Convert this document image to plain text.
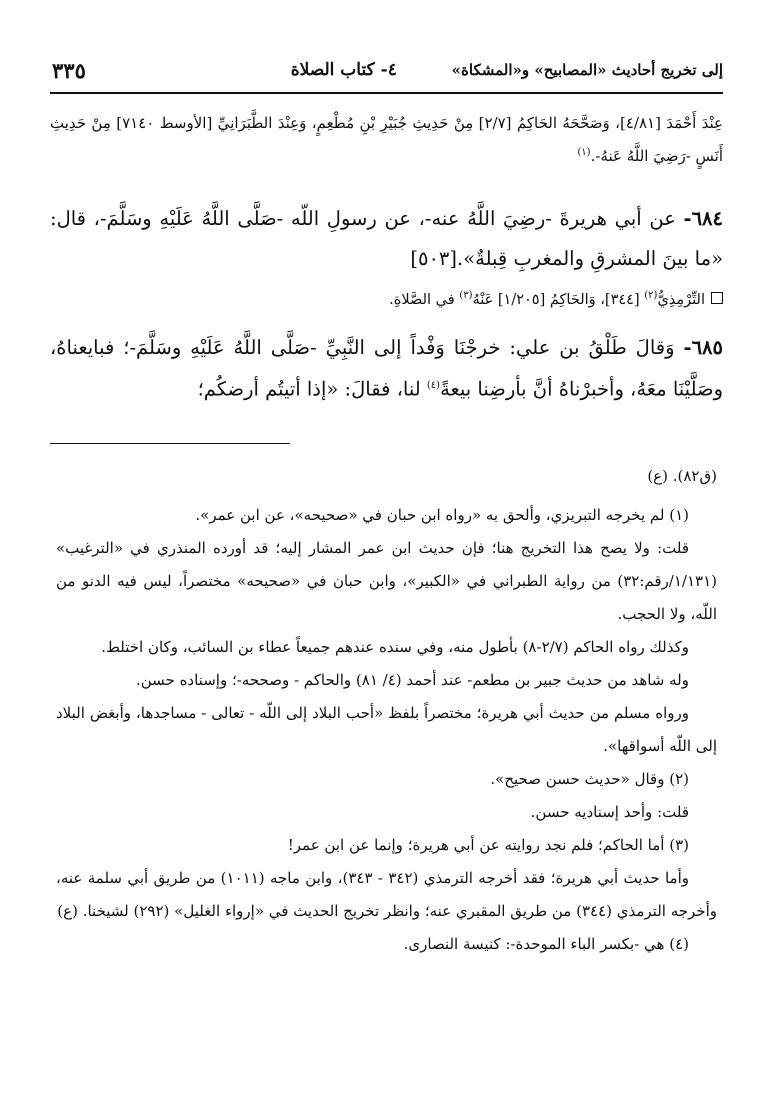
إلى تخريج أحاديث «المصابيح» و«المشكاة»
٤- كتاب الصلاة
٣٣٥

عِنْدَ أَحْمَدَ [٤/٨١]، وَصَحَّحَهُ الحَاكِمُ [٢/٧] مِنْ حَدِيثِ جُبَيْرِ بْنِ مُطْعِمٍ، وَعِنْدَ الطَّبَرَانِيِّ [الأوسط ٧١٤٠] مِنْ حَدِيثِ أَنَسٍ -رَضِيَ اللَّهُ عَنهُ-.$^{(١)}$

٦٨٤- عن أبي هريرةَ -رضِيَ اللَّهُ عنه-، عن رسولِ اللّه -صَلَّى اللَّهُ عَلَيْهِ وسَلَّمَ-، قال: «ما بينَ المشرقِ والمغربِ قِبلةٌ».[٥٠٣]

التِّرْمِذِيُّ$^{(٢)}$ [٣٤٤]، وَالحَاكِمُ [١/٢٠٥] عَنْهُ$^{(٣)}$ في الصَّلاةِ.

٦٨٥- وَقالَ طَلْقُ بن علي: خرجْنَا وَفْداً إلى النَّبِيِّ -صَلَّى اللَّهُ عَلَيْهِ وسَلَّمَ-؛ فبايعناهُ، وصَلَّيْنَا معَهُ، وأخبرْناهُ أنَّ بأرضِنا بيعةً$^{(٤)}$ لنا، فقالَ: «إذا أتيتُم أرضكُم؛

(ق٨٢). (ع)

(١) لم يخرجه التبريزي، وألحق به «رواه ابن حبان في «صحيحه»، عن ابن عمر».

قلت: ولا يصح هذا التخريج هنا؛ فإن حديث ابن عمر المشار إليه؛ قد أورده المنذري في «الترغيب» (١/١٣١/رقم:٣٢) من رواية الطبراني في «الكبير»، وابن حبان في «صحيحه» مختصراً، ليس فيه الدنو من اللّه، ولا الحجب.

وكذلك رواه الحاكم (٢/٧-٨) بأطول منه، وفي سنده عندهم جميعاً عطاء بن السائب، وكان اختلط.

وله شاهد من حديث جبير بن مطعم- عند أحمد (٤/ ٨١) والحاكم - وصححه-؛ وإسناده حسن.

ورواه مسلم من حديث أبي هريرة؛ مختصراً بلفظ «أحب البلاد إلى اللّه - تعالى - مساجدها، وأبغض البلاد إلى اللّه أسواقها».

(٢) وقال «حديث حسن صحيح».

قلت: وأحد إسناديه حسن.

(٣) أما الحاكم؛ فلم نجد روايته عن أبي هريرة؛ وإنما عن ابن عمر!

وأما حديث أبي هريرة؛ فقد أخرجه الترمذي (٣٤٢ - ٣٤٣)، وابن ماجه (١٠١١) من طريق أبي سلمة عنه، وأخرجه الترمذي (٣٤٤) من طريق المقبري عنه؛ وانظر تخريج الحديث في «إرواء الغليل» (٢٩٢) لشيخنا. (ع)

(٤) هي -بكسر الباء الموحدة-: كنيسة النصارى.
